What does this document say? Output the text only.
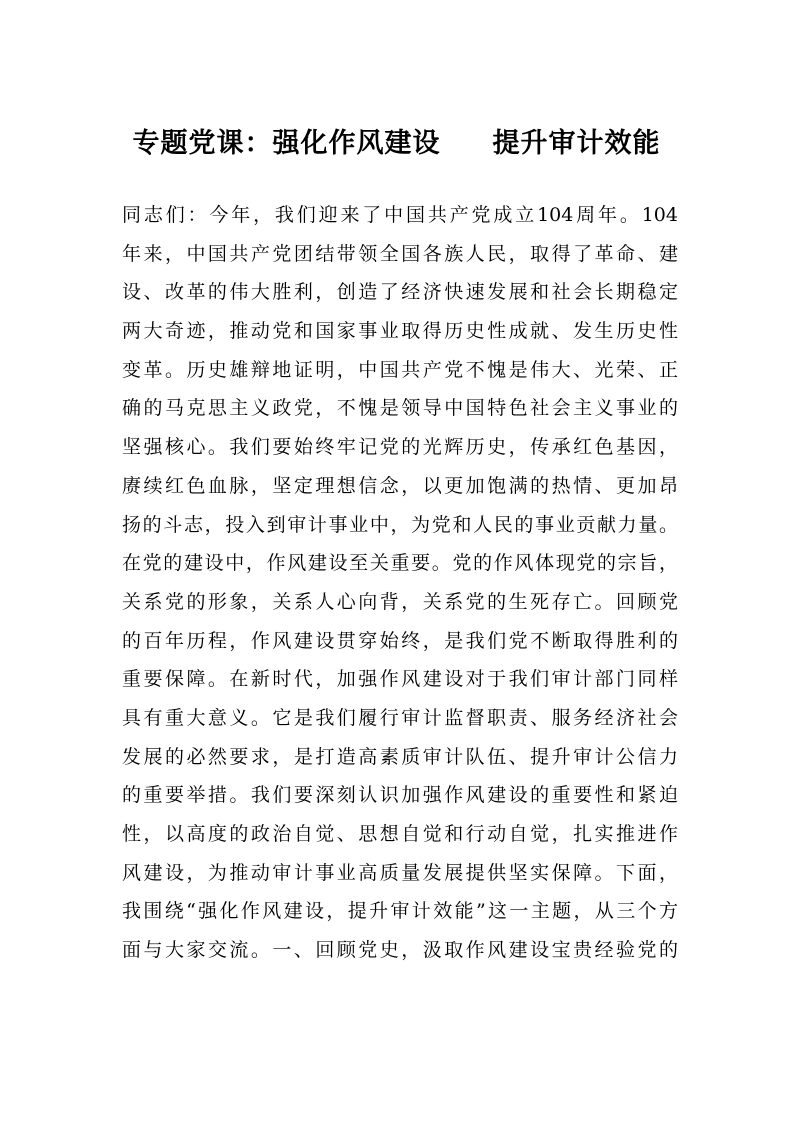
专题党课：强化作风建设     提升审计效能
同志们：今年，我们迎来了中国共产党成立104周年。104
年来，中国共产党团结带领全国各族人民，取得了革命、建
设、改革的伟大胜利，创造了经济快速发展和社会长期稳定
两大奇迹，推动党和国家事业取得历史性成就、发生历史性
变革。历史雄辩地证明，中国共产党不愧是伟大、光荣、正
确的马克思主义政党，不愧是领导中国特色社会主义事业的
坚强核心。我们要始终牢记党的光辉历史，传承红色基因，
赓续红色血脉，坚定理想信念，以更加饱满的热情、更加昂
扬的斗志，投入到审计事业中，为党和人民的事业贡献力量。
在党的建设中，作风建设至关重要。党的作风体现党的宗旨，
关系党的形象，关系人心向背，关系党的生死存亡。回顾党
的百年历程，作风建设贯穿始终，是我们党不断取得胜利的
重要保障。在新时代，加强作风建设对于我们审计部门同样
具有重大意义。它是我们履行审计监督职责、服务经济社会
发展的必然要求，是打造高素质审计队伍、提升审计公信力
的重要举措。我们要深刻认识加强作风建设的重要性和紧迫
性，以高度的政治自觉、思想自觉和行动自觉，扎实推进作
风建设，为推动审计事业高质量发展提供坚实保障。下面，
我围绕“强化作风建设，提升审计效能”这一主题，从三个方
面与大家交流。一、回顾党史，汲取作风建设宝贵经验党的
